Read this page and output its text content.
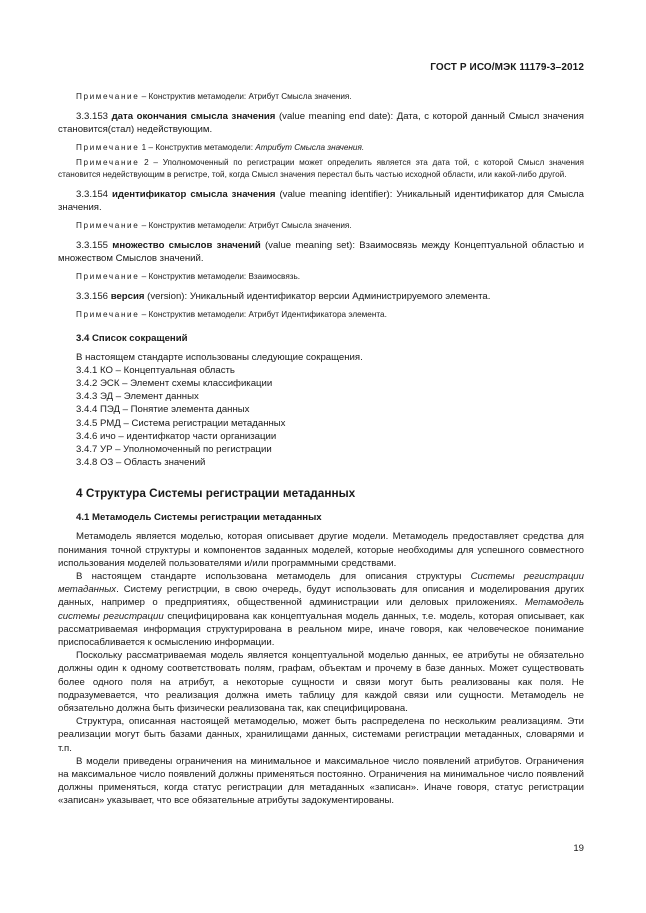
ГОСТ Р ИСО/МЭК 11179-3–2012

Примечание – Конструктив метамодели: Атрибут Смысла значения.

3.3.153 дата окончания смысла значения (value meaning end date): Дата, с которой данный Смысл значения становится(стал) недействующим.

Примечание 1 – Конструктив метамодели: Атрибут Смысла значения.

Примечание 2 – Уполномоченный по регистрации может определить является эта дата той, с которой Смысл значения становится недействующим в регистре, той, когда Смысл значения перестал быть частью исходной области, или какой-либо другой.

3.3.154 идентификатор смысла значения (value meaning identifier): Уникальный идентификатор для Смысла значения.

Примечание – Конструктив метамодели: Атрибут Смысла значения.

3.3.155 множество смыслов значений (value meaning set): Взаимосвязь между Концептуальной областью и множеством Смыслов значений.

Примечание – Конструктив метамодели: Взаимосвязь.

3.3.156 версия (version): Уникальный идентификатор версии Администрируемого элемента.

Примечание – Конструктив метамодели: Атрибут Идентификатора элемента.

3.4 Список сокращений

В настоящем стандарте использованы следующие сокращения.

3.4.1 КО – Концептуальная область

3.4.2 ЭСК – Элемент схемы классификации

3.4.3 ЭД – Элемент данных

3.4.4 ПЭД – Понятие элемента данных

3.4.5 РМД – Система регистрации метаданных

3.4.6 ичо – идентифкатор части организации

3.4.7 УР – Уполномоченный по регистрации

3.4.8 ОЗ – Область значений

4 Структура Системы регистрации метаданных

4.1 Метамодель Системы регистрации метаданных

Метамодель является моделью, которая описывает другие модели. Метамодель предоставляет средства для понимания точной структуры и компонентов заданных моделей, которые необходимы для успешного совместного использования моделей пользователями и/или программными средствами.

В настоящем стандарте использована метамодель для описания структуры Системы регистрации метаданных. Систему регистрции, в свою очередь, будут использовать для описания и моделирования других данных, например о предприятиях, общественной администрации или деловых приложениях. Метамодель системы регистрации специфицирована как концептуальная модель данных, т.е. модель, которая описывает, как рассматриваемая информация структурирована в реальном мире, иначе говоря, как человеческое понимание приспосабливается к осмыслению информации.

Поскольку рассматриваемая модель является концептуальной моделью данных, ее атрибуты не обязательно должны один к одному соответствовать полям, графам, объектам и прочему в базе данных. Может существовать более одного поля на атрибут, а некоторые сущности и связи могут быть реализованы как поля. Не подразумевается, что реализация должна иметь таблицу для каждой связи или сущности. Метамодель не обязательно должна быть физически реализована так, как специфицирована.

Структура, описанная настоящей метамоделью, может быть распределена по нескольким реализациям. Эти реализации могут быть базами данных, хранилищами данных, системами регистрации метаданных, словарями и т.п.

В модели приведены ограничения на минимальное и максимальное число появлений атрибутов. Ограничения на максимальное число появлений должны применяться постоянно. Ограничения на минимальное число появлений должны применяться, когда статус регистрации для метаданных «записан». Иначе говоря, статус регистрации «записан» указывает, что все обязательные атрибуты задокументированы.

19
